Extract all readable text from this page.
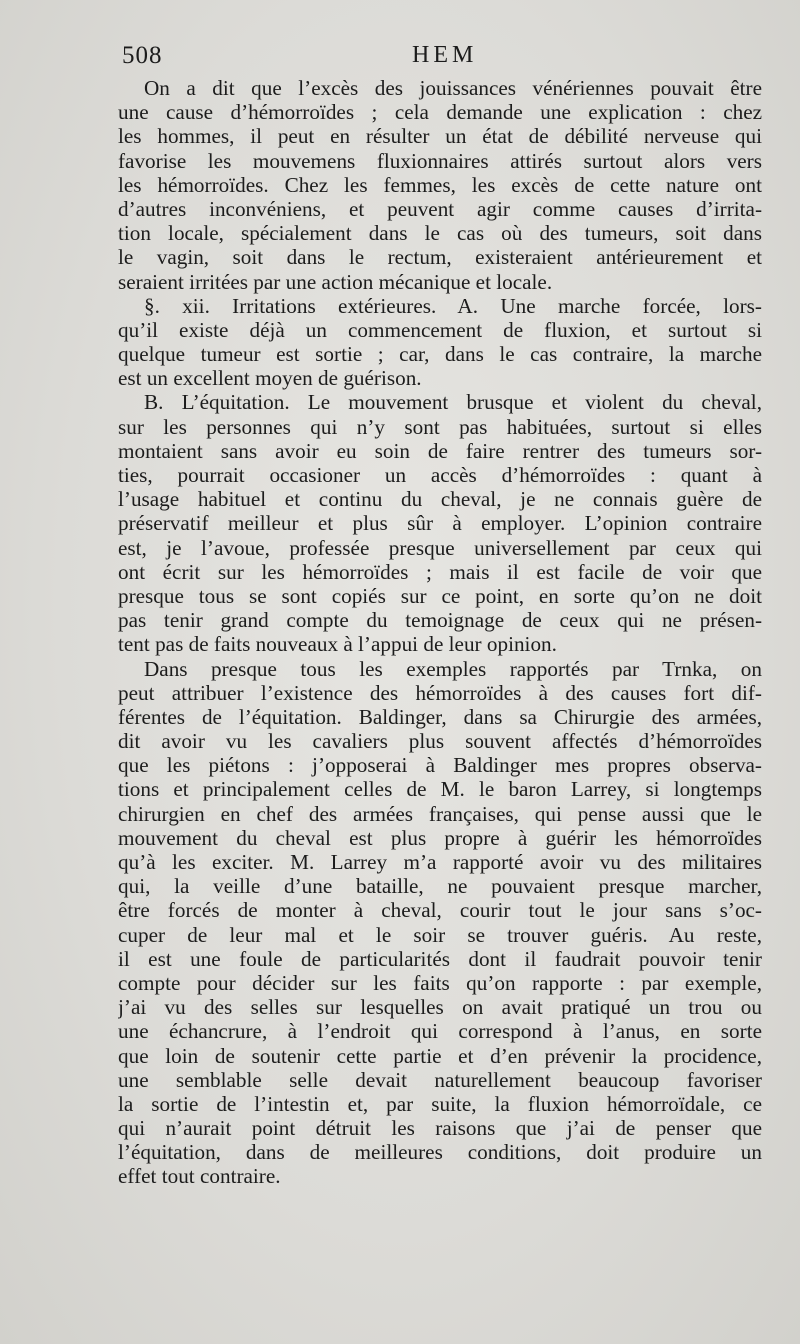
508	HEM
On a dit que l’excès des jouissances vénériennes pouvait être
une cause d’hémorroïdes ; cela demande une explication : chez
les hommes, il peut en résulter un état de débilité nerveuse qui
favorise les mouvemens fluxionnaires attirés surtout alors vers
les hémorroïdes. Chez les femmes, les excès de cette nature ont
d’autres inconvéniens, et peuvent agir comme causes d’irrita-
tion locale, spécialement dans le cas où des tumeurs, soit dans
le vagin, soit dans le rectum, existeraient antérieurement et
seraient irritées par une action mécanique et locale.
§. xii. Irritations extérieures. A. Une marche forcée, lors-
qu’il existe déjà un commencement de fluxion, et surtout si
quelque tumeur est sortie ; car, dans le cas contraire, la marche
est un excellent moyen de guérison.
B. L’équitation. Le mouvement brusque et violent du cheval,
sur les personnes qui n’y sont pas habituées, surtout si elles
montaient sans avoir eu soin de faire rentrer des tumeurs sor-
ties, pourrait occasioner un accès d’hémorroïdes : quant à
l’usage habituel et continu du cheval, je ne connais guère de
préservatif meilleur et plus sûr à employer. L’opinion contraire
est, je l’avoue, professée presque universellement par ceux qui
ont écrit sur les hémorroïdes ; mais il est facile de voir que
presque tous se sont copiés sur ce point, en sorte qu’on ne doit
pas tenir grand compte du temoignage de ceux qui ne présen-
tent pas de faits nouveaux à l’appui de leur opinion.
Dans presque tous les exemples rapportés par Trnka, on
peut attribuer l’existence des hémorroïdes à des causes fort dif-
férentes de l’équitation. Baldinger, dans sa Chirurgie des armées,
dit avoir vu les cavaliers plus souvent affectés d’hémorroïdes
que les piétons : j’opposerai à Baldinger mes propres observa-
tions et principalement celles de M. le baron Larrey, si longtemps
chirurgien en chef des armées françaises, qui pense aussi que le
mouvement du cheval est plus propre à guérir les hémorroïdes
qu’à les exciter. M. Larrey m’a rapporté avoir vu des militaires
qui, la veille d’une bataille, ne pouvaient presque marcher,
être forcés de monter à cheval, courir tout le jour sans s’oc-
cuper de leur mal et le soir se trouver guéris. Au reste,
il est une foule de particularités dont il faudrait pouvoir tenir
compte pour décider sur les faits qu’on rapporte : par exemple,
j’ai vu des selles sur lesquelles on avait pratiqué un trou ou
une échancrure, à l’endroit qui correspond à l’anus, en sorte
que loin de soutenir cette partie et d’en prévenir la procidence,
une semblable selle devait naturellement beaucoup favoriser
la sortie de l’intestin et, par suite, la fluxion hémorroïdale, ce
qui n’aurait point détruit les raisons que j’ai de penser que
l’équitation, dans de meilleures conditions, doit produire un
effet tout contraire.
